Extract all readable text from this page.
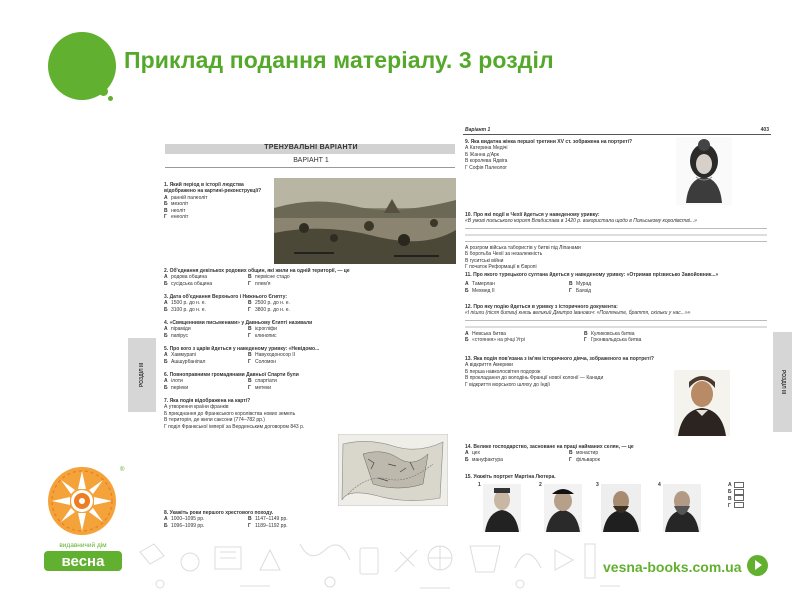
Приклад подання матеріалу. 3 розділ
ТРЕНУВАЛЬНІ ВАРІАНТИ
ВАРІАНТ 1
1. Який період в історії людства відображено на картині-реконструкції?
А ранній палеоліт
Б мезоліт
В неоліт
Г енеоліт
2. Об'єднання декількох родових общин, які жили на одній території, — це
А родова община	В первісне стадо
Б сусідська община	Г плем'я
3. Дата об'єднання Верхнього і Нижнього Єгипту:
А 1500 р. до н. е.	В 2500 р. до н. е.
Б 3100 р. до н. е.	Г 3800 р. до н. е.
4. «Священними письменами» у Давньому Єгипті називали
А піраміди	В ієрогліфи
Б папірус	Г клинопис
5. Про кого з царів йдеться у наведеному уривку: «Невідомо...
А Хаммурапі	В Навуходоносор II
Б Ашшурбаніпал	Г Соломон
6. Повноправними громадянами Давньої Спарти були
А ілоти	В спартіати
Б періеки	Г метеки
7. Яка подія відображена на карті?
А утворення країни франків
Б приєднання до Франкського королівства нових земель
В територія, де жили саксони (774–782 рр.)
Г поділ Франкської імперії за Верденським договором 843 р.
8. Укажіть роки першого хрестового походу.
А 1000–1095 рр.	В 1147–1149 рр.
Б 1096–1099 рр.	Г 1189–1192 рр.
РОЗДІЛ III
Варіант 1	403
9. Яка видатна жінка першої третини XV ст. зображена на портреті?
А Катерина Медічі
Б Жанна д'Арк
В королева Ядвіга
Г Софія Палеолог
10. Про які події в Чехії йдеться у наведеному уривку:
«В умові польського короля Владислава в 1420 р. використала щодо в Польському королівстві...»
А розгром війська табористів у битві під Ліпанами
Б боротьба Чехії за незалежність
В гуситські війни
Г початок Реформації в Європі
11. Про якого турецького султана йдеться у наведеному уривку: «Отримав прізвисько Завойовник...»
А Тамерлан	В Мурад
Б Мехмед II	Г Баязід
12. Про яку подію йдеться в уривку з історичного документа:
«І пішли (після битви) князь великий Дмитро Іванович: «Погляньте, браття, скільки у нас...»»
А Невська битва	В Куликовська битва
Б «стояння» на річці Угрі	Г Грюнвальдська битва
13. Яка подія пов'язана з ім'ям історичного діяча, зображеного на портреті?
А відкриття Америки
Б перша навколосвітня подорож
В прокладання до володінь Франції нової колонії — Канади
Г відкриття морського шляху до Індії
14. Велике господарство, засноване на праці найманих селян, — це
А цех	В монастир
Б мануфактура	Г фільварок
15. Укажіть портрет Мартіна Лютера.
1	2	3	4	А
Б
В
Г
РОЗДІЛ III
®
видавничий дім
весна	vesna-books.com.ua
